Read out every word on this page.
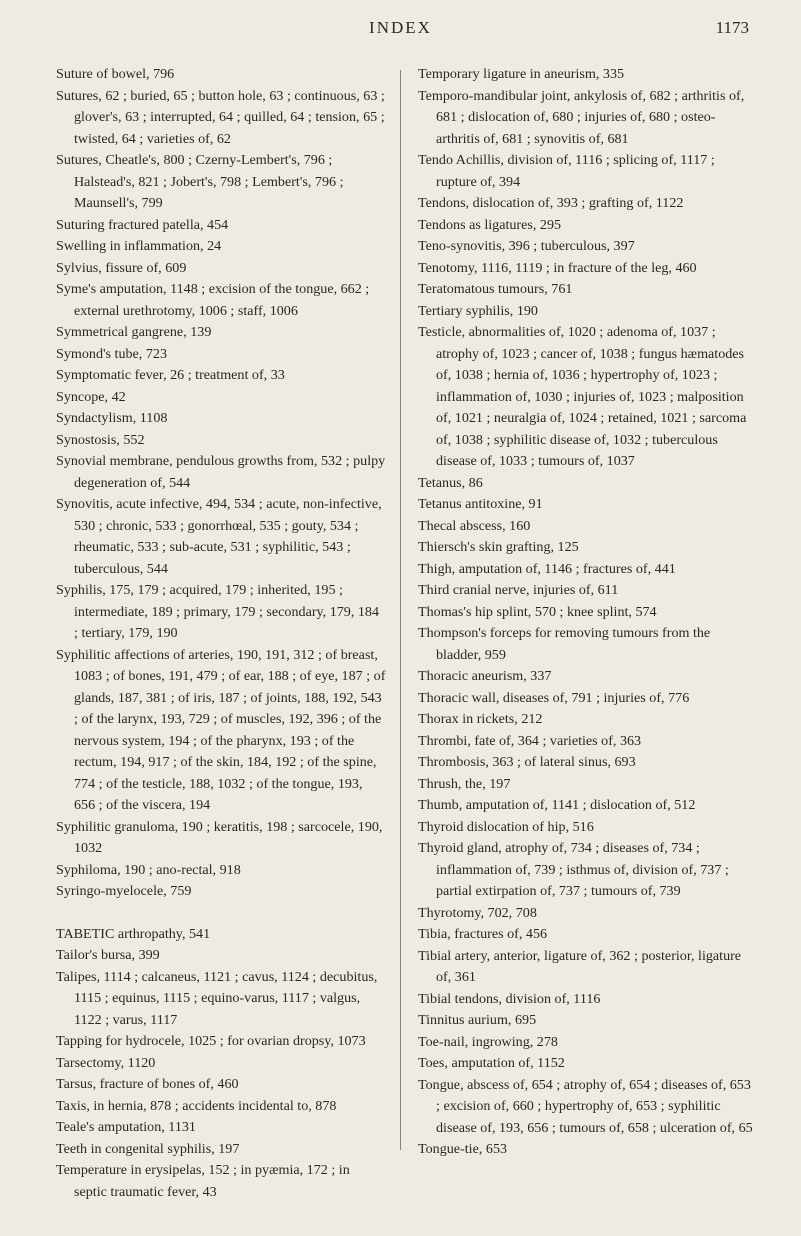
INDEX	1173

Suture of bowel, 796

Sutures, 62 ; buried, 65 ; button hole, 63 ; continuous, 63 ; glover's, 63 ; interrupted, 64 ; quilled, 64 ; tension, 65 ; twisted, 64 ; varieties of, 62

Sutures, Cheatle's, 800 ; Czerny-Lembert's, 796 ; Halstead's, 821 ; Jobert's, 798 ; Lembert's, 796 ; Maunsell's, 799

Suturing fractured patella, 454

Swelling in inflammation, 24

Sylvius, fissure of, 609

Syme's amputation, 1148 ; excision of the tongue, 662 ; external urethrotomy, 1006 ; staff, 1006

Symmetrical gangrene, 139

Symond's tube, 723

Symptomatic fever, 26 ; treatment of, 33

Syncope, 42

Syndactylism, 1108

Synostosis, 552

Synovial membrane, pendulous growths from, 532 ; pulpy degeneration of, 544

Synovitis, acute infective, 494, 534 ; acute, non-infective, 530 ; chronic, 533 ; gonorrhœal, 535 ; gouty, 534 ; rheumatic, 533 ; sub-acute, 531 ; syphilitic, 543 ; tuberculous, 544

Syphilis, 175, 179 ; acquired, 179 ; inherited, 195 ; intermediate, 189 ; primary, 179 ; secondary, 179, 184 ; tertiary, 179, 190

Syphilitic affections of arteries, 190, 191, 312 ; of breast, 1083 ; of bones, 191, 479 ; of ear, 188 ; of eye, 187 ; of glands, 187, 381 ; of iris, 187 ; of joints, 188, 192, 543 ; of the larynx, 193, 729 ; of muscles, 192, 396 ; of the nervous system, 194 ; of the pharynx, 193 ; of the rectum, 194, 917 ; of the skin, 184, 192 ; of the spine, 774 ; of the testicle, 188, 1032 ; of the tongue, 193, 656 ; of the viscera, 194

Syphilitic granuloma, 190 ; keratitis, 198 ; sarcocele, 190, 1032

Syphiloma, 190 ; ano-rectal, 918

Syringo-myelocele, 759

TABETIC arthropathy, 541

Tailor's bursa, 399

Talipes, 1114 ; calcaneus, 1121 ; cavus, 1124 ; decubitus, 1115 ; equinus, 1115 ; equino-varus, 1117 ; valgus, 1122 ; varus, 1117

Tapping for hydrocele, 1025 ; for ovarian dropsy, 1073

Tarsectomy, 1120

Tarsus, fracture of bones of, 460

Taxis, in hernia, 878 ; accidents incidental to, 878

Teale's amputation, 1131

Teeth in congenital syphilis, 197

Temperature in erysipelas, 152 ; in pyæmia, 172 ; in septic traumatic fever, 43

Temporary ligature in aneurism, 335

Temporo-mandibular joint, ankylosis of, 682 ; arthritis of, 681 ; dislocation of, 680 ; injuries of, 680 ; osteo-arthritis of, 681 ; synovitis of, 681

Tendo Achillis, division of, 1116 ; splicing of, 1117 ; rupture of, 394

Tendons, dislocation of, 393 ; grafting of, 1122

Tendons as ligatures, 295

Teno-synovitis, 396 ; tuberculous, 397

Tenotomy, 1116, 1119 ; in fracture of the leg, 460

Teratomatous tumours, 761

Tertiary syphilis, 190

Testicle, abnormalities of, 1020 ; adenoma of, 1037 ; atrophy of, 1023 ; cancer of, 1038 ; fungus hæmatodes of, 1038 ; hernia of, 1036 ; hypertrophy of, 1023 ; inflammation of, 1030 ; injuries of, 1023 ; malposition of, 1021 ; neuralgia of, 1024 ; retained, 1021 ; sarcoma of, 1038 ; syphilitic disease of, 1032 ; tuberculous disease of, 1033 ; tumours of, 1037

Tetanus, 86

Tetanus antitoxine, 91

Thecal abscess, 160

Thiersch's skin grafting, 125

Thigh, amputation of, 1146 ; fractures of, 441

Third cranial nerve, injuries of, 611

Thomas's hip splint, 570 ; knee splint, 574

Thompson's forceps for removing tumours from the bladder, 959

Thoracic aneurism, 337

Thoracic wall, diseases of, 791 ; injuries of, 776

Thorax in rickets, 212

Thrombi, fate of, 364 ; varieties of, 363

Thrombosis, 363 ; of lateral sinus, 693

Thrush, the, 197

Thumb, amputation of, 1141 ; dislocation of, 512

Thyroid dislocation of hip, 516

Thyroid gland, atrophy of, 734 ; diseases of, 734 ; inflammation of, 739 ; isthmus of, division of, 737 ; partial extirpation of, 737 ; tumours of, 739

Thyrotomy, 702, 708

Tibia, fractures of, 456

Tibial artery, anterior, ligature of, 362 ; posterior, ligature of, 361

Tibial tendons, division of, 1116

Tinnitus aurium, 695

Toe-nail, ingrowing, 278

Toes, amputation of, 1152

Tongue, abscess of, 654 ; atrophy of, 654 ; diseases of, 653 ; excision of, 660 ; hypertrophy of, 653 ; syphilitic disease of, 193, 656 ; tumours of, 658 ; ulceration of, 65

Tongue-tie, 653
